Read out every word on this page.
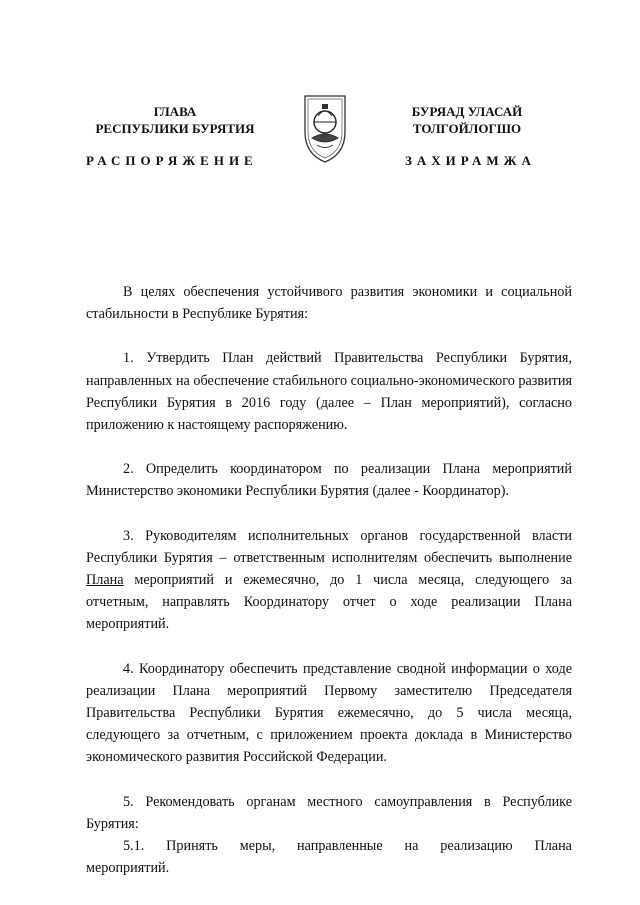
ГЛАВА
РЕСПУБЛИКИ БУРЯТИЯ
БУРЯАД УЛАСАЙ
ТОЛГОЙЛОГШО
РАСПОРЯЖЕНИЕ	ЗАХИРАМЖА

В целях обеспечения устойчивого развития экономики и социальной стабильности в Республике Бурятия:

1. Утвердить План действий Правительства Республики Бурятия, направленных на обеспечение стабильного социально-экономического развития Республики Бурятия в 2016 году (далее – План мероприятий), согласно приложению к настоящему распоряжению.

2. Определить координатором по реализации Плана мероприятий Министерство экономики Республики Бурятия (далее - Координатор).

3. Руководителям исполнительных органов государственной власти Республики Бурятия – ответственным исполнителям обеспечить выполнение Плана мероприятий и ежемесячно, до 1 числа месяца, следующего за отчетным, направлять Координатору отчет о ходе реализации Плана мероприятий.

4. Координатору обеспечить представление сводной информации о ходе реализации Плана мероприятий Первому заместителю Председателя Правительства Республики Бурятия ежемесячно, до 5 числа месяца, следующего за отчетным, с приложением проекта доклада в Министерство экономического развития Российской Федерации.

5. Рекомендовать органам местного самоуправления в Республике Бурятия:

5.1. Принять меры, направленные на реализацию Плана
мероприятий.
